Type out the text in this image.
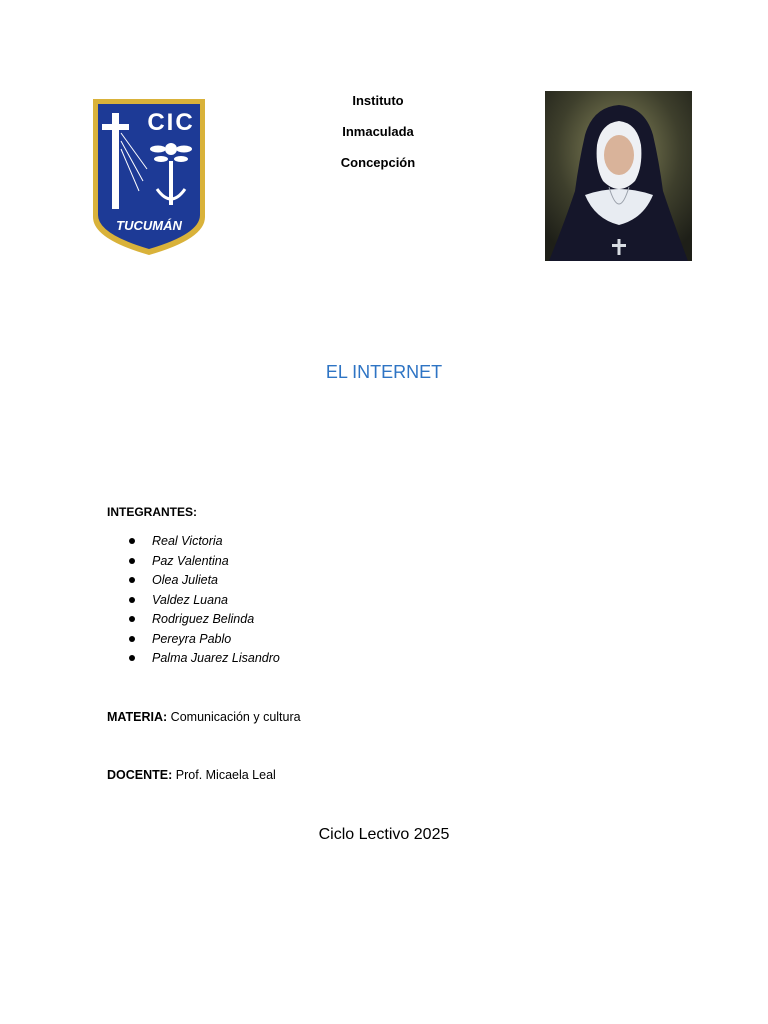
CIC
TUCUMÁN
Instituto
Inmaculada
Concepción
EL INTERNET
INTEGRANTES:
Real Victoria
Paz Valentina
Olea Julieta
Valdez Luana
Rodriguez Belinda
Pereyra Pablo
Palma Juarez Lisandro
MATERIA: Comunicación y cultura
DOCENTE: Prof. Micaela Leal
Ciclo Lectivo 2025
